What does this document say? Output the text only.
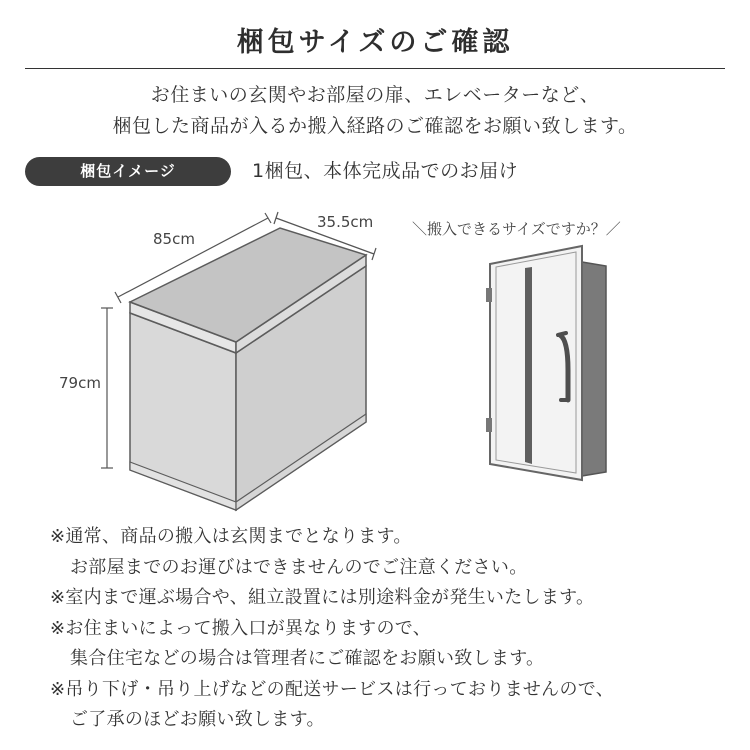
梱包サイズのご確認
お住まいの玄関やお部屋の扉、エレベーターなど、
梱包した商品が入るか搬入経路のご確認をお願い致します。
梱包イメージ	1梱包、本体完成品でのお届け
85cm
35.5cm
79cm
＼搬入できるサイズですか？／
※通常、商品の搬入は玄関までとなります。
お部屋までのお運びはできませんのでご注意ください。
※室内まで運ぶ場合や、組立設置には別途料金が発生いたします。
※お住まいによって搬入口が異なりますので、
集合住宅などの場合は管理者にご確認をお願い致します。
※吊り下げ・吊り上げなどの配送サービスは行っておりませんので、
ご了承のほどお願い致します。
